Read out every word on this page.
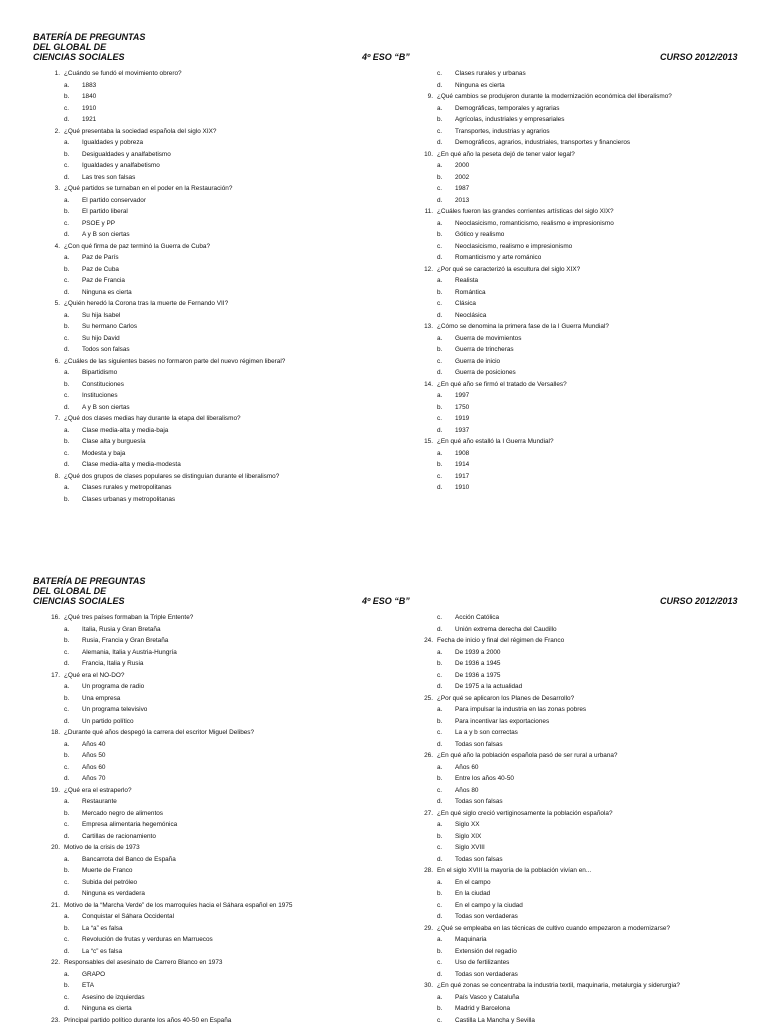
BATERÍA DE PREGUNTAS
DEL GLOBAL DE
CIENCIAS SOCIALES	4º ESO “B”	CURSO 2012/2013
1. ¿Cuándo se fundó el movimiento obrero?
a. 1883
b. 1840
c. 1910
d. 1921
2. ¿Qué presentaba la sociedad española del siglo XIX?
a. Igualdades y pobreza
b. Desigualdades y analfabetismo
c. Igualdades y analfabetismo
d. Las tres son falsas
3. ¿Qué partidos se turnaban en el poder en la Restauración?
a. El partido conservador
b. El partido liberal
c. PSOE y PP
d. A y B son ciertas
4. ¿Con qué firma de paz terminó la Guerra de Cuba?
a. Paz de París
b. Paz de Cuba
c. Paz de Francia
d. Ninguna es cierta
5. ¿Quién heredó la Corona tras la muerte de Fernando VII?
a. Su hija Isabel
b. Su hermano Carlos
c. Su hijo David
d. Todos son falsas
6. ¿Cuáles de las siguientes bases no formaron parte del nuevo régimen liberal?
a. Bipartidismo
b. Constituciones
c. Instituciones
d. A y B son ciertas
7. ¿Qué dos clases medias hay durante la etapa del liberalismo?
a. Clase media-alta y media-baja
b. Clase alta y burguesía
c. Modesta y baja
d. Clase media-alta y media-modesta
8. ¿Qué dos grupos de clases populares se distinguían durante el liberalismo?
a. Clases rurales y metropolitanas
b. Clases urbanas y metropolitanas
c. Clases rurales y urbanas
d. Ninguna es cierta
9. ¿Qué cambios se produjeron durante la modernización económica del liberalismo?
a. Demográficas, temporales y agrarias
b. Agrícolas, industriales y empresariales
c. Transportes, industrias y agrarios
d. Demográficos, agrarios, industriales, transportes y financieros
10. ¿En qué año la peseta dejó de tener valor legal?
a. 2000
b. 2002
c. 1987
d. 2013
11. ¿Cuáles fueron las grandes corrientes artísticas del siglo XIX?
a. Neoclasicismo, romanticismo, realismo e impresionismo
b. Gótico y realismo
c. Neoclasicismo, realismo e impresionismo
d. Romanticismo y arte románico
12. ¿Por qué se caracterizó la escultura del siglo XIX?
a. Realista
b. Romántica
c. Clásica
d. Neoclásica
13. ¿Cómo se denomina la primera fase de la I Guerra Mundial?
a. Guerra de movimientos
b. Guerra de trincheras
c. Guerra de inicio
d. Guerra de posiciones
14. ¿En qué año se firmó el tratado de Versalles?
a. 1997
b. 1750
c. 1919
d. 1937
15. ¿En qué año estalló la I Guerra Mundial?
a. 1908
b. 1914
c. 1917
d. 1910
BATERÍA DE PREGUNTAS
DEL GLOBAL DE
CIENCIAS SOCIALES	4º ESO “B”	CURSO 2012/2013
16. ¿Qué tres países formaban la Triple Entente?
a. Italia, Rusia y Gran Bretaña
b. Rusia, Francia y Gran Bretaña
c. Alemania, Italia y Austria-Hungría
d. Francia, Italia y Rusia
17. ¿Qué era el NO-DO?
a. Un programa de radio
b. Una empresa
c. Un programa televisivo
d. Un partido político
18. ¿Durante qué años despegó la carrera del escritor Miguel Delibes?
a. Años 40
b. Años 50
c. Años 60
d. Años 70
19. ¿Qué era el estraperlo?
a. Restaurante
b. Mercado negro de alimentos
c. Empresa alimentaria hegemónica
d. Cartillas de racionamiento
20. Motivo de la crisis de 1973
a. Bancarrota del Banco de España
b. Muerte de Franco
c. Subida del petróleo
d. Ninguna es verdadera
21. Motivo de la “Marcha Verde” de los marroquíes hacia el Sáhara español en 1975
a. Conquistar el Sáhara Occidental
b. La “a” es falsa
c. Revolución de frutas y verduras en Marruecos
d. La “c” es falsa
22. Responsables del asesinato de Carrero Blanco en 1973
a. GRAPO
b. ETA
c. Asesino de izquierdas
d. Ninguna es cierta
23. Principal partido político durante los años 40-50 en España
c. Acción Católica
d. Unión extrema derecha del Caudillo
24. Fecha de inicio y final del régimen de Franco
a. De 1939 a 2000
b. De 1936 a 1945
c. De 1936 a 1975
d. De 1975 a la actualidad
25. ¿Por qué se aplicaron los Planes de Desarrollo?
a. Para impulsar la industria en las zonas pobres
b. Para incentivar las exportaciones
c. La a y b son correctas
d. Todas son falsas
26. ¿En qué año la población española pasó de ser rural a urbana?
a. Años 60
b. Entre los años 40-50
c. Años 80
d. Todas son falsas
27. ¿En qué siglo creció vertiginosamente la población española?
a. Siglo XX
b. Siglo XIX
c. Siglo XVIII
d. Todas son falsas
28. En el siglo XVIII la mayoría de la población vivían en...
a. En el campo
b. En la ciudad
c. En el campo y la ciudad
d. Todas son verdaderas
29. ¿Qué se empleaba en las técnicas de cultivo cuando empezaron a modernizarse?
a. Maquinaria
b. Extensión del regadío
c. Uso de fertilizantes
d. Todas son verdaderas
30. ¿En qué zonas se concentraba la industria textil, maquinaria, metalurgia y siderurgia?
a. País Vasco y Cataluña
b. Madrid y Barcelona
c. Castilla La Mancha y Sevilla
